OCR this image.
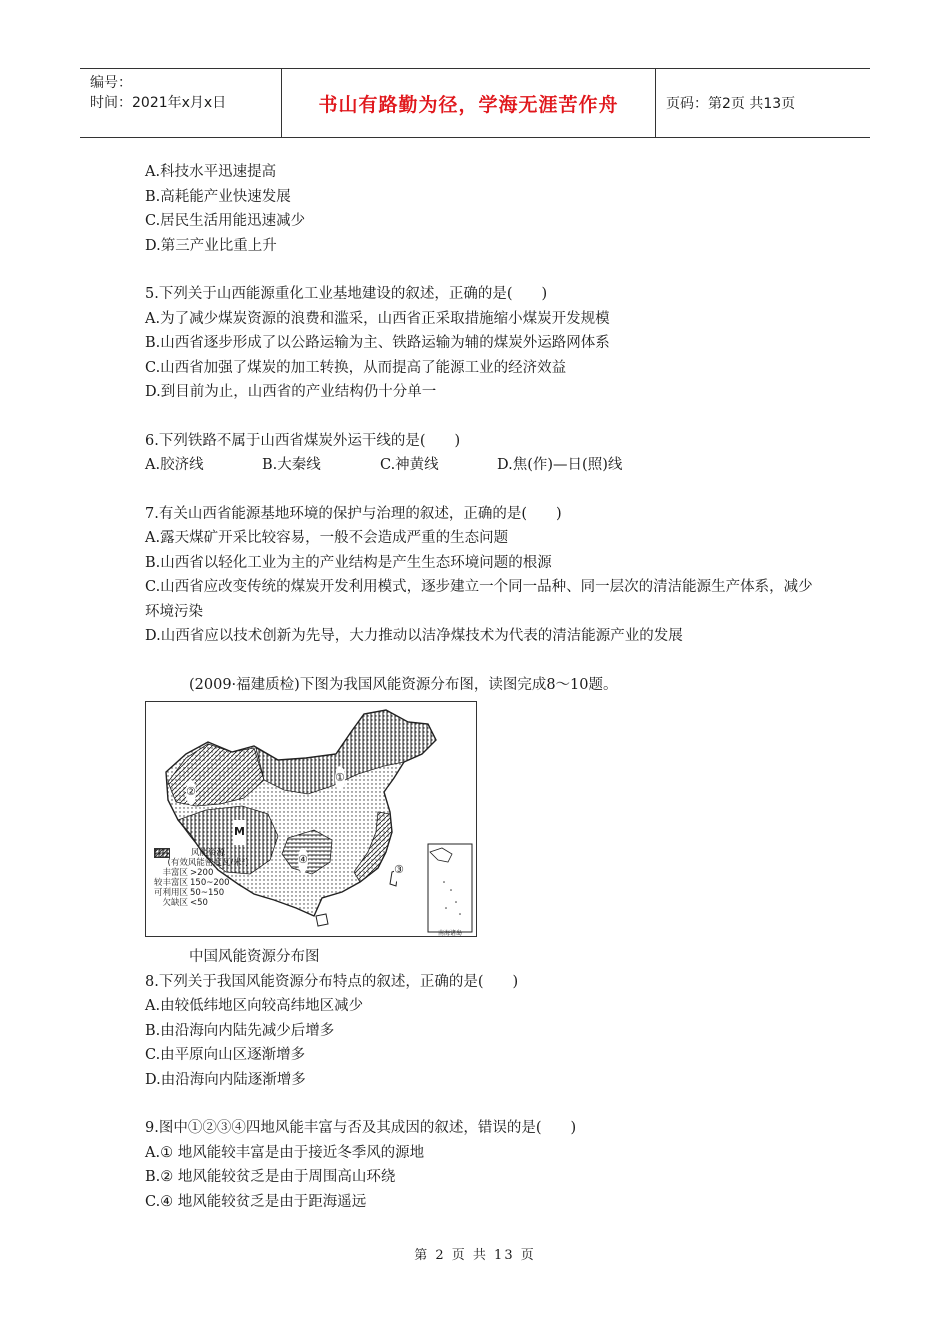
编号：
时间：2021年x月x日	书山有路勤为径，学海无涯苦作舟	页码：第2页 共13页
A.科技水平迅速提高
B.高耗能产业快速发展
C.居民生活用能迅速减少
D.第三产业比重上升
5.下列关于山西能源重化工业基地建设的叙述，正确的是(　　)
A.为了减少煤炭资源的浪费和滥采，山西省正采取措施缩小煤炭开发规模
B.山西省逐步形成了以公路运输为主、铁路运输为辅的煤炭外运路网体系
C.山西省加强了煤炭的加工转换，从而提高了能源工业的经济效益
D.到目前为止，山西省的产业结构仍十分单一
6.下列铁路不属于山西省煤炭外运干线的是(　　)
A.胶济线	B.大秦线	C.神黄线	D.焦(作)—日(照)线
7.有关山西省能源基地环境的保护与治理的叙述，正确的是(　　)
A.露天煤矿开采比较容易，一般不会造成严重的生态问题
B.山西省以轻化工业为主的产业结构是产生生态环境问题的根源
C.山西省应改变传统的煤炭开发利用模式，逐步建立一个同一品种、同一层次的清洁能源生产体系，减少环境污染
D.山西省应以技术创新为先导，大力推动以洁净煤技术为代表的清洁能源产业的发展
(2009·福建质检)下图为我国风能资源分布图，读图完成8～10题。
①
②
③
④
M
南海诸岛
风能资源
(有效风能密度瓦/米²)
丰富区 >200
较丰富区 150~200
可利用区 50~150
欠缺区 <50
中国风能资源分布图
8.下列关于我国风能资源分布特点的叙述，正确的是(　　)
A.由较低纬地区向较高纬地区减少
B.由沿海向内陆先减少后增多
C.由平原向山区逐渐增多
D.由沿海向内陆逐渐增多
9.图中①②③④四地风能丰富与否及其成因的叙述，错误的是(　　)
A.① 地风能较丰富是由于接近冬季风的源地
B.② 地风能较贫乏是由于周围高山环绕
C.④ 地风能较贫乏是由于距海遥远
第 2 页 共 13 页
